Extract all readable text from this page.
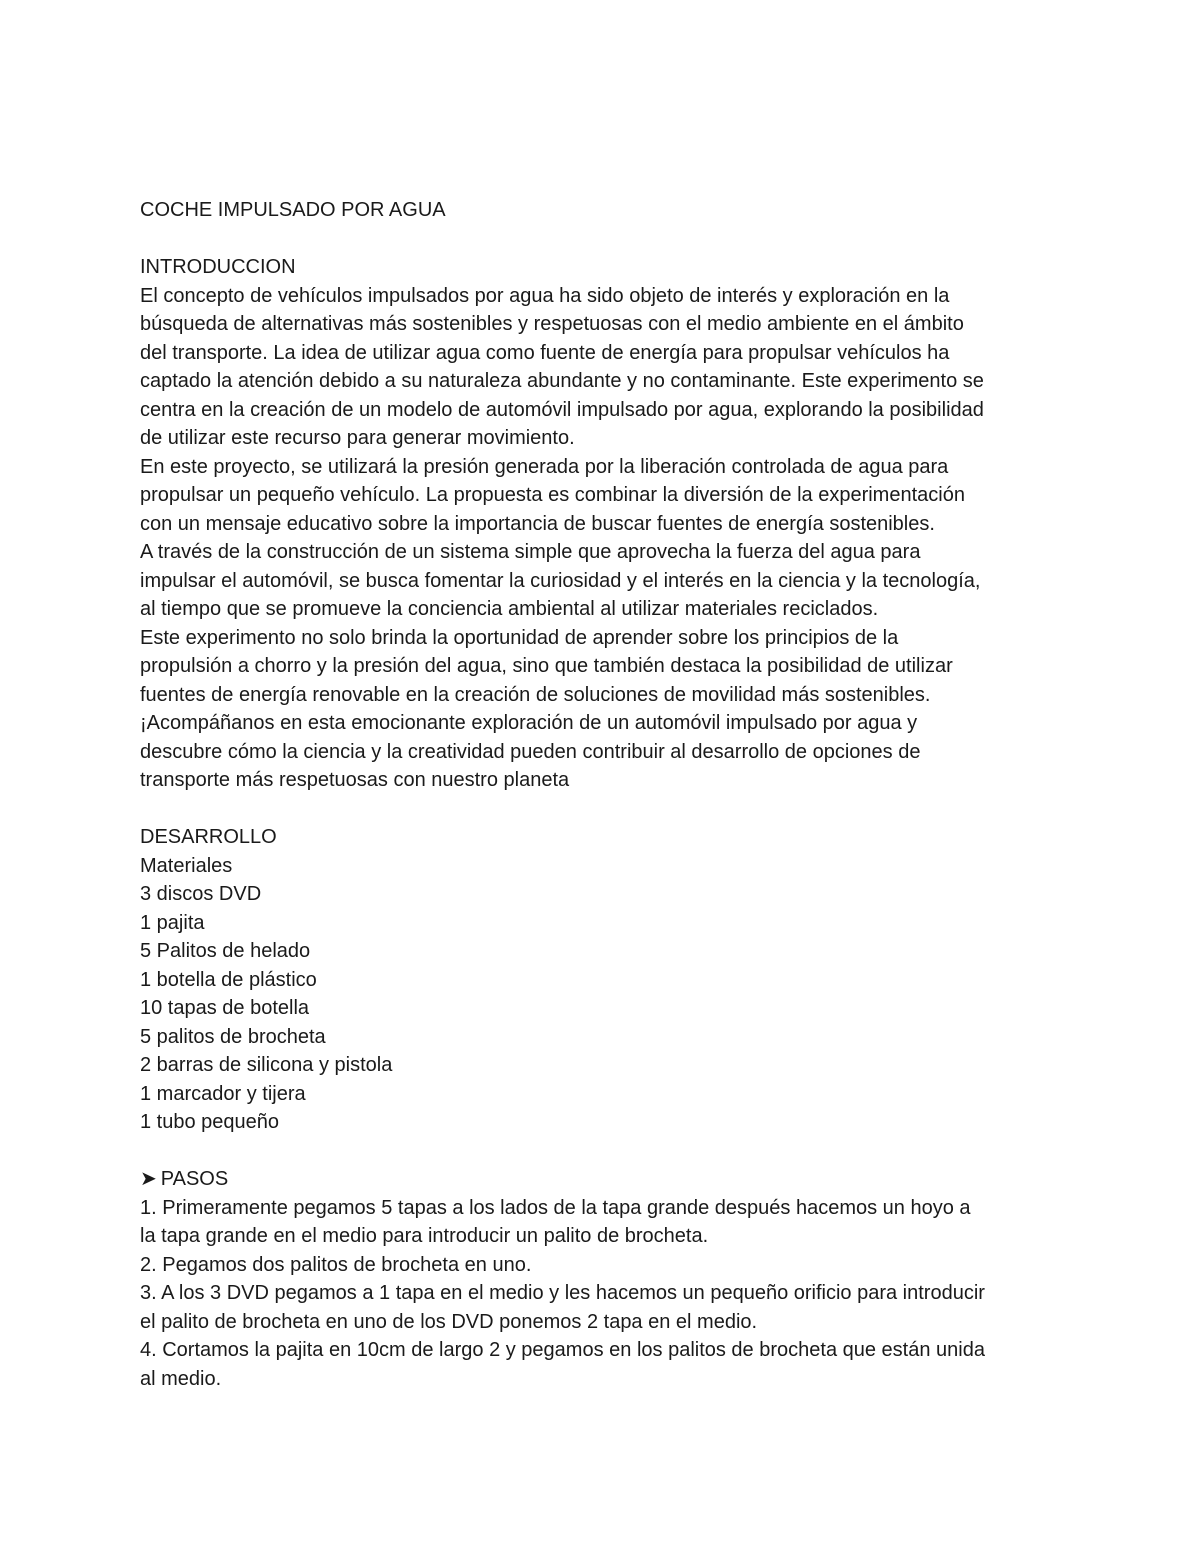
COCHE IMPULSADO POR AGUA
INTRODUCCION
El concepto de vehículos impulsados por agua ha sido objeto de interés y exploración en la
búsqueda de alternativas más sostenibles y respetuosas con el medio ambiente en el ámbito
del transporte. La idea de utilizar agua como fuente de energía para propulsar vehículos ha
captado la atención debido a su naturaleza abundante y no contaminante. Este experimento se
centra en la creación de un modelo de automóvil impulsado por agua, explorando la posibilidad
de utilizar este recurso para generar movimiento.
En este proyecto, se utilizará la presión generada por la liberación controlada de agua para
propulsar un pequeño vehículo. La propuesta es combinar la diversión de la experimentación
con un mensaje educativo sobre la importancia de buscar fuentes de energía sostenibles.
A través de la construcción de un sistema simple que aprovecha la fuerza del agua para
impulsar el automóvil, se busca fomentar la curiosidad y el interés en la ciencia y la tecnología,
al tiempo que se promueve la conciencia ambiental al utilizar materiales reciclados.
Este experimento no solo brinda la oportunidad de aprender sobre los principios de la
propulsión a chorro y la presión del agua, sino que también destaca la posibilidad de utilizar
fuentes de energía renovable en la creación de soluciones de movilidad más sostenibles.
¡Acompáñanos en esta emocionante exploración de un automóvil impulsado por agua y
descubre cómo la ciencia y la creatividad pueden contribuir al desarrollo de opciones de
transporte más respetuosas con nuestro planeta
DESARROLLO
Materiales
3 discos DVD
1 pajita
5 Palitos de helado
1 botella de plástico
10 tapas de botella
5 palitos de brocheta
2 barras de silicona y pistola
1 marcador y tijera
1 tubo pequeño
➤ PASOS
1. Primeramente pegamos 5 tapas a los lados de la tapa grande después hacemos un hoyo a
la tapa grande en el medio para introducir un palito de brocheta.
2. Pegamos dos palitos de brocheta en uno.
3. A los 3 DVD pegamos a 1 tapa en el medio y les hacemos un pequeño orificio para introducir
el palito de brocheta en uno de los DVD ponemos 2 tapa en el medio.
4. Cortamos la pajita en 10cm de largo 2 y pegamos en los palitos de brocheta que están unida
al medio.
